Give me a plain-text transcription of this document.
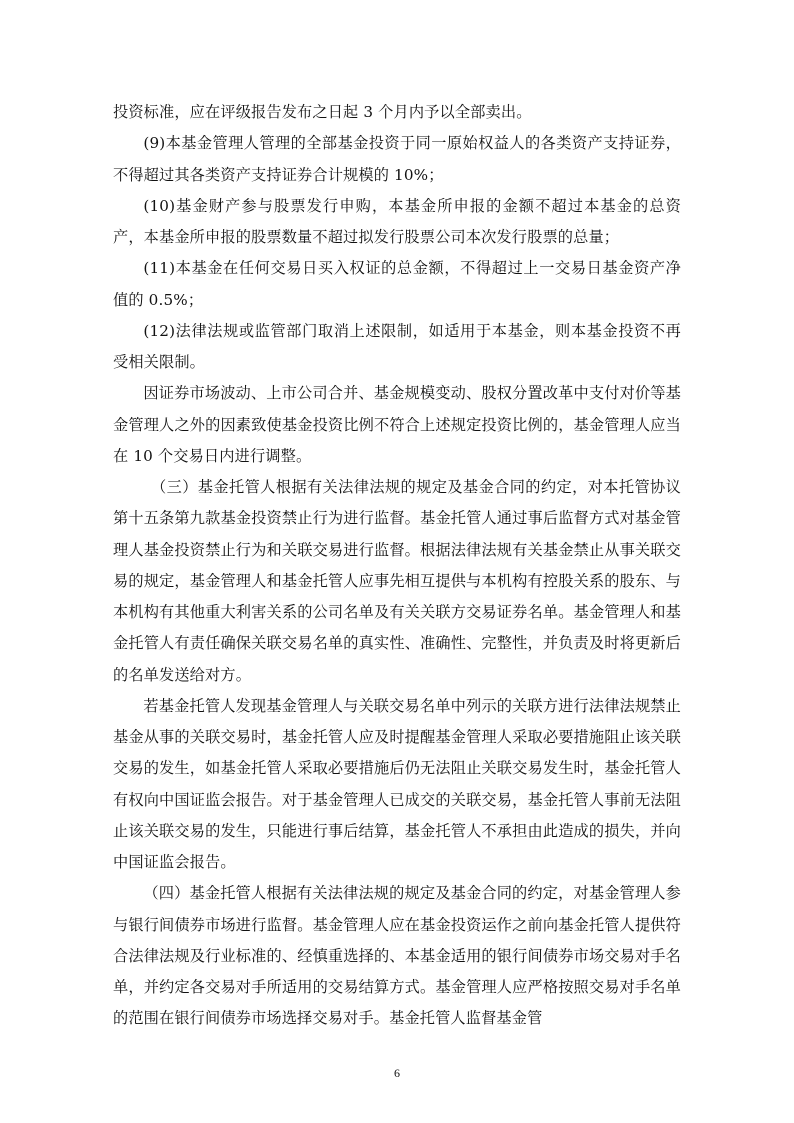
投资标准，应在评级报告发布之日起 3 个月内予以全部卖出。

(9)本基金管理人管理的全部基金投资于同一原始权益人的各类资产支持证券，不得超过其各类资产支持证券合计规模的 10%；

(10)基金财产参与股票发行申购，本基金所申报的金额不超过本基金的总资产，本基金所申报的股票数量不超过拟发行股票公司本次发行股票的总量；

(11)本基金在任何交易日买入权证的总金额，不得超过上一交易日基金资产净值的 0.5%；

(12)法律法规或监管部门取消上述限制，如适用于本基金，则本基金投资不再受相关限制。

因证券市场波动、上市公司合并、基金规模变动、股权分置改革中支付对价等基金管理人之外的因素致使基金投资比例不符合上述规定投资比例的，基金管理人应当在 10 个交易日内进行调整。

（三）基金托管人根据有关法律法规的规定及基金合同的约定，对本托管协议第十五条第九款基金投资禁止行为进行监督。基金托管人通过事后监督方式对基金管理人基金投资禁止行为和关联交易进行监督。根据法律法规有关基金禁止从事关联交易的规定，基金管理人和基金托管人应事先相互提供与本机构有控股关系的股东、与本机构有其他重大利害关系的公司名单及有关关联方交易证券名单。基金管理人和基金托管人有责任确保关联交易名单的真实性、准确性、完整性，并负责及时将更新后的名单发送给对方。

若基金托管人发现基金管理人与关联交易名单中列示的关联方进行法律法规禁止基金从事的关联交易时，基金托管人应及时提醒基金管理人采取必要措施阻止该关联交易的发生，如基金托管人采取必要措施后仍无法阻止关联交易发生时，基金托管人有权向中国证监会报告。对于基金管理人已成交的关联交易，基金托管人事前无法阻止该关联交易的发生，只能进行事后结算，基金托管人不承担由此造成的损失，并向中国证监会报告。

（四）基金托管人根据有关法律法规的规定及基金合同的约定，对基金管理人参与银行间债券市场进行监督。基金管理人应在基金投资运作之前向基金托管人提供符合法律法规及行业标准的、经慎重选择的、本基金适用的银行间债券市场交易对手名单，并约定各交易对手所适用的交易结算方式。基金管理人应严格按照交易对手名单的范围在银行间债券市场选择交易对手。基金托管人监督基金管

6
